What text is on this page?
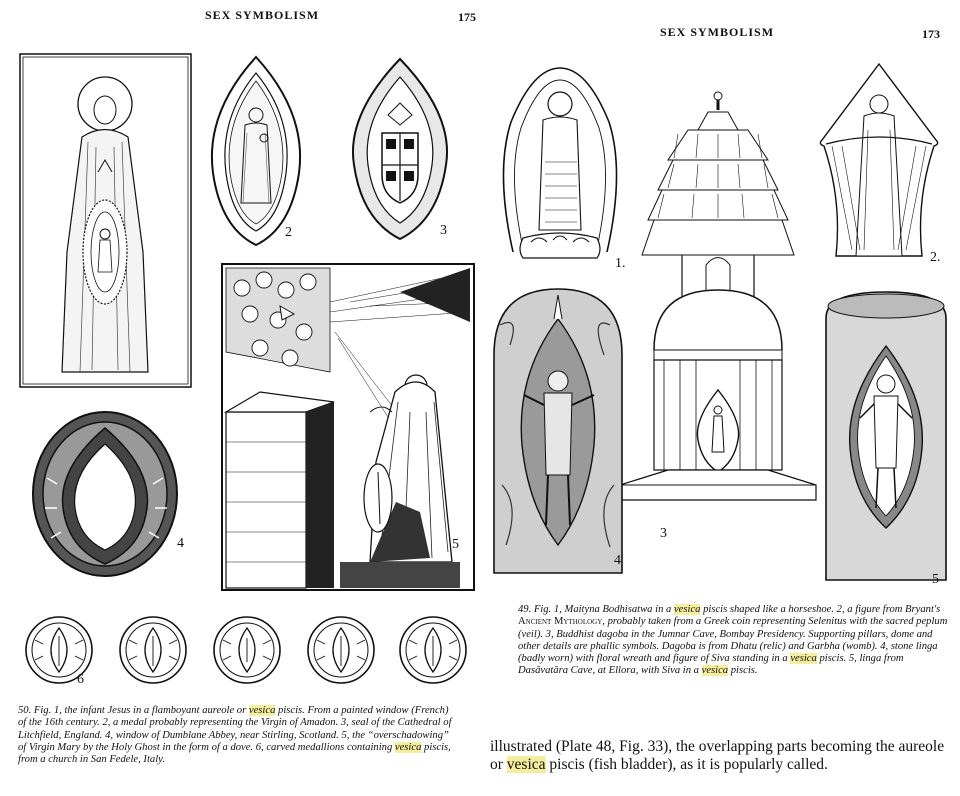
SEX SYMBOLISM	175
2	3
4	5
6
50. Fig. 1, the infant Jesus in a flamboyant aureole or vesica piscis. From a painted window (French) of the 16th century. 2, a medal probably representing the Virgin of Amadon. 3, seal of the Cathedral of Litchfield, England. 4, window of Dumblane Abbey, near Stirling, Scotland. 5, the “overschadowing” of Virgin Mary by the Holy Ghost in the form of a dove. 6, carved medallions containing vesica piscis, from a church in San Fedele, Italy.
SEX SYMBOLISM	173
1.	2.
3
4
5
49. Fig. 1, Maityna Bodhisatwa in a vesica piscis shaped like a horseshoe. 2, a figure from Bryant's Ancient Mythology, probably taken from a Greek coin representing Selenitus with the sacred peplum (veil). 3, Buddhist dagoba in the Jumnar Cave, Bombay Presidency. Supporting pillars, dome and other details are phallic symbols. Dagoba is from Dhatu (relic) and Garbha (womb). 4, stone linga (badly worn) with floral wreath and figure of Siva standing in a vesica piscis. 5, linga from Dasāvatāra Cave, at Ellora, with Siva in a vesica piscis.
illustrated (Plate 48, Fig. 33), the overlapping parts becoming the aureole or vesica piscis (fish bladder), as it is popularly called.
